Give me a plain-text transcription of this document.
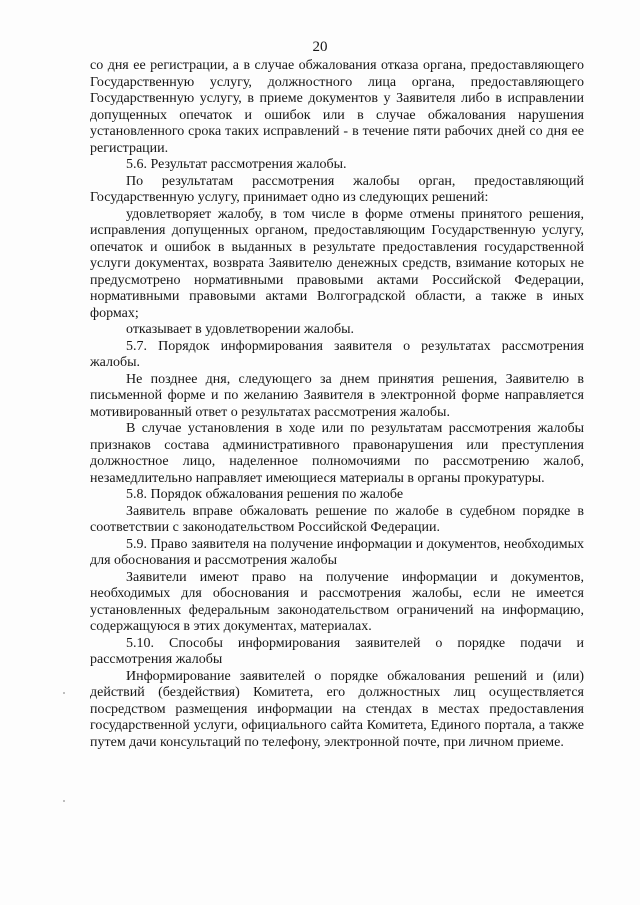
20

со дня ее регистрации, а в случае обжалования отказа органа, предоставляющего Государственную услугу, должностного лица органа, предоставляющего Государственную услугу, в приеме документов у Заявителя либо в исправлении допущенных опечаток и ошибок или в случае обжалования нарушения установленного срока таких исправлений - в течение пяти рабочих дней со дня ее регистрации.

5.6. Результат рассмотрения жалобы.

По результатам рассмотрения жалобы орган, предоставляющий Государственную услугу, принимает одно из следующих решений:

удовлетворяет жалобу, в том числе в форме отмены принятого решения, исправления допущенных органом, предоставляющим Государственную услугу, опечаток и ошибок в выданных в результате предоставления государственной услуги документах, возврата Заявителю денежных средств, взимание которых не предусмотрено нормативными правовыми актами Российской Федерации, нормативными правовыми актами Волгоградской области, а также в иных формах;

отказывает в удовлетворении жалобы.

5.7. Порядок информирования заявителя о результатах рассмотрения жалобы.

Не позднее дня, следующего за днем принятия решения, Заявителю в письменной форме и по желанию Заявителя в электронной форме направляется мотивированный ответ о результатах рассмотрения жалобы.

В случае установления в ходе или по результатам рассмотрения жалобы признаков состава административного правонарушения или преступления должностное лицо, наделенное полномочиями по рассмотрению жалоб, незамедлительно направляет имеющиеся материалы в органы прокуратуры.

5.8. Порядок обжалования решения по жалобе

Заявитель вправе обжаловать решение по жалобе в судебном порядке в соответствии с законодательством Российской Федерации.

5.9. Право заявителя на получение информации и документов, необходимых для обоснования и рассмотрения жалобы

Заявители имеют право на получение информации и документов, необходимых для обоснования и рассмотрения жалобы, если не имеется установленных федеральным законодательством ограничений на информацию, содержащуюся в этих документах, материалах.

5.10. Способы информирования заявителей о порядке подачи и рассмотрения жалобы

Информирование заявителей о порядке обжалования решений и (или) действий (бездействия) Комитета, его должностных лиц осуществляется посредством размещения информации на стендах в местах предоставления государственной услуги, официального сайта Комитета, Единого портала, а также путем дачи консультаций по телефону, электронной почте, при личном приеме.
